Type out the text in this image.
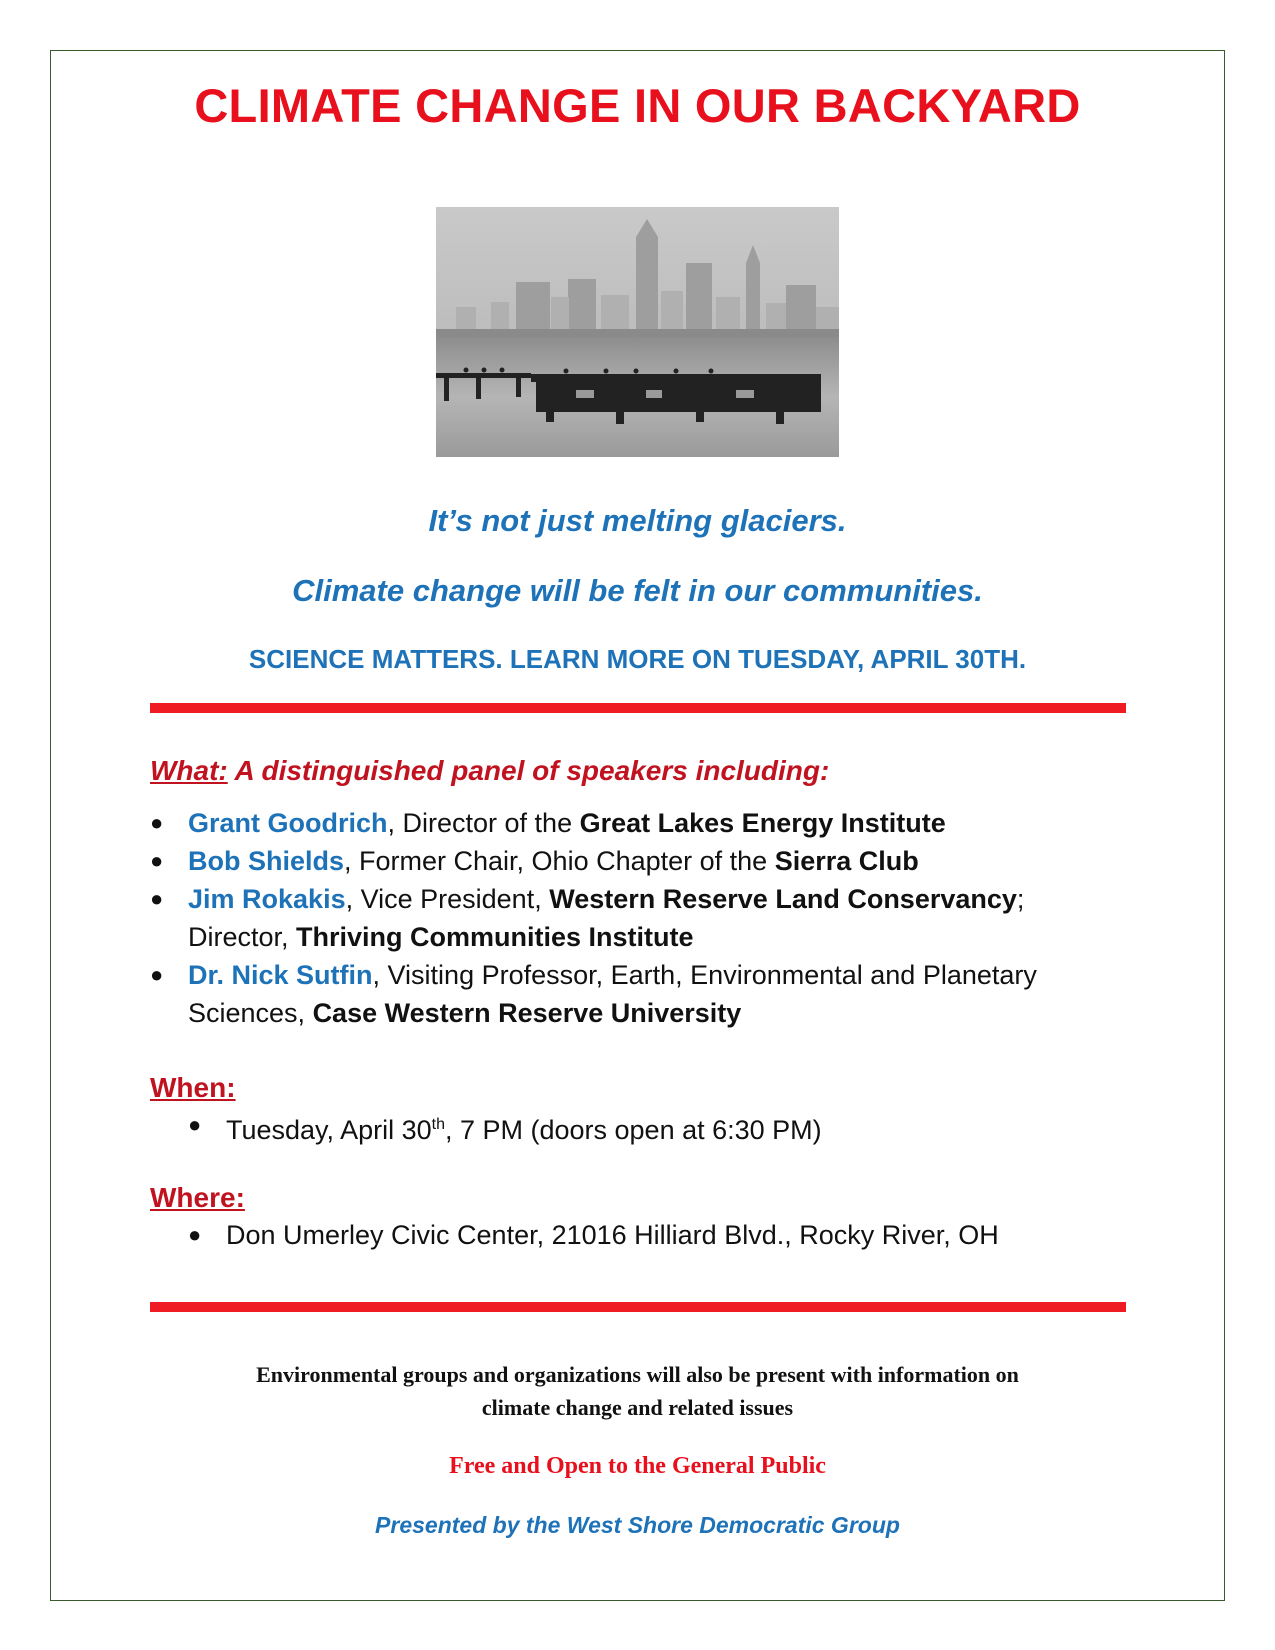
CLIMATE CHANGE IN OUR BACKYARD
It’s not just melting glaciers.
Climate change will be felt in our communities.
SCIENCE MATTERS. LEARN MORE ON TUESDAY, APRIL 30TH.
What: A distinguished panel of speakers including:
● Grant Goodrich, Director of the Great Lakes Energy Institute
● Bob Shields, Former Chair, Ohio Chapter of the Sierra Club
● Jim Rokakis, Vice President, Western Reserve Land Conservancy;
Director, Thriving Communities Institute
● Dr. Nick Sutfin, Visiting Professor, Earth, Environmental and Planetary Sciences, Case Western Reserve University
When:
● Tuesday, April 30th, 7 PM (doors open at 6:30 PM)
Where:
● Don Umerley Civic Center, 21016 Hilliard Blvd., Rocky River, OH
Environmental groups and organizations will also be present with information on climate change and related issues
Free and Open to the General Public
Presented by the West Shore Democratic Group
